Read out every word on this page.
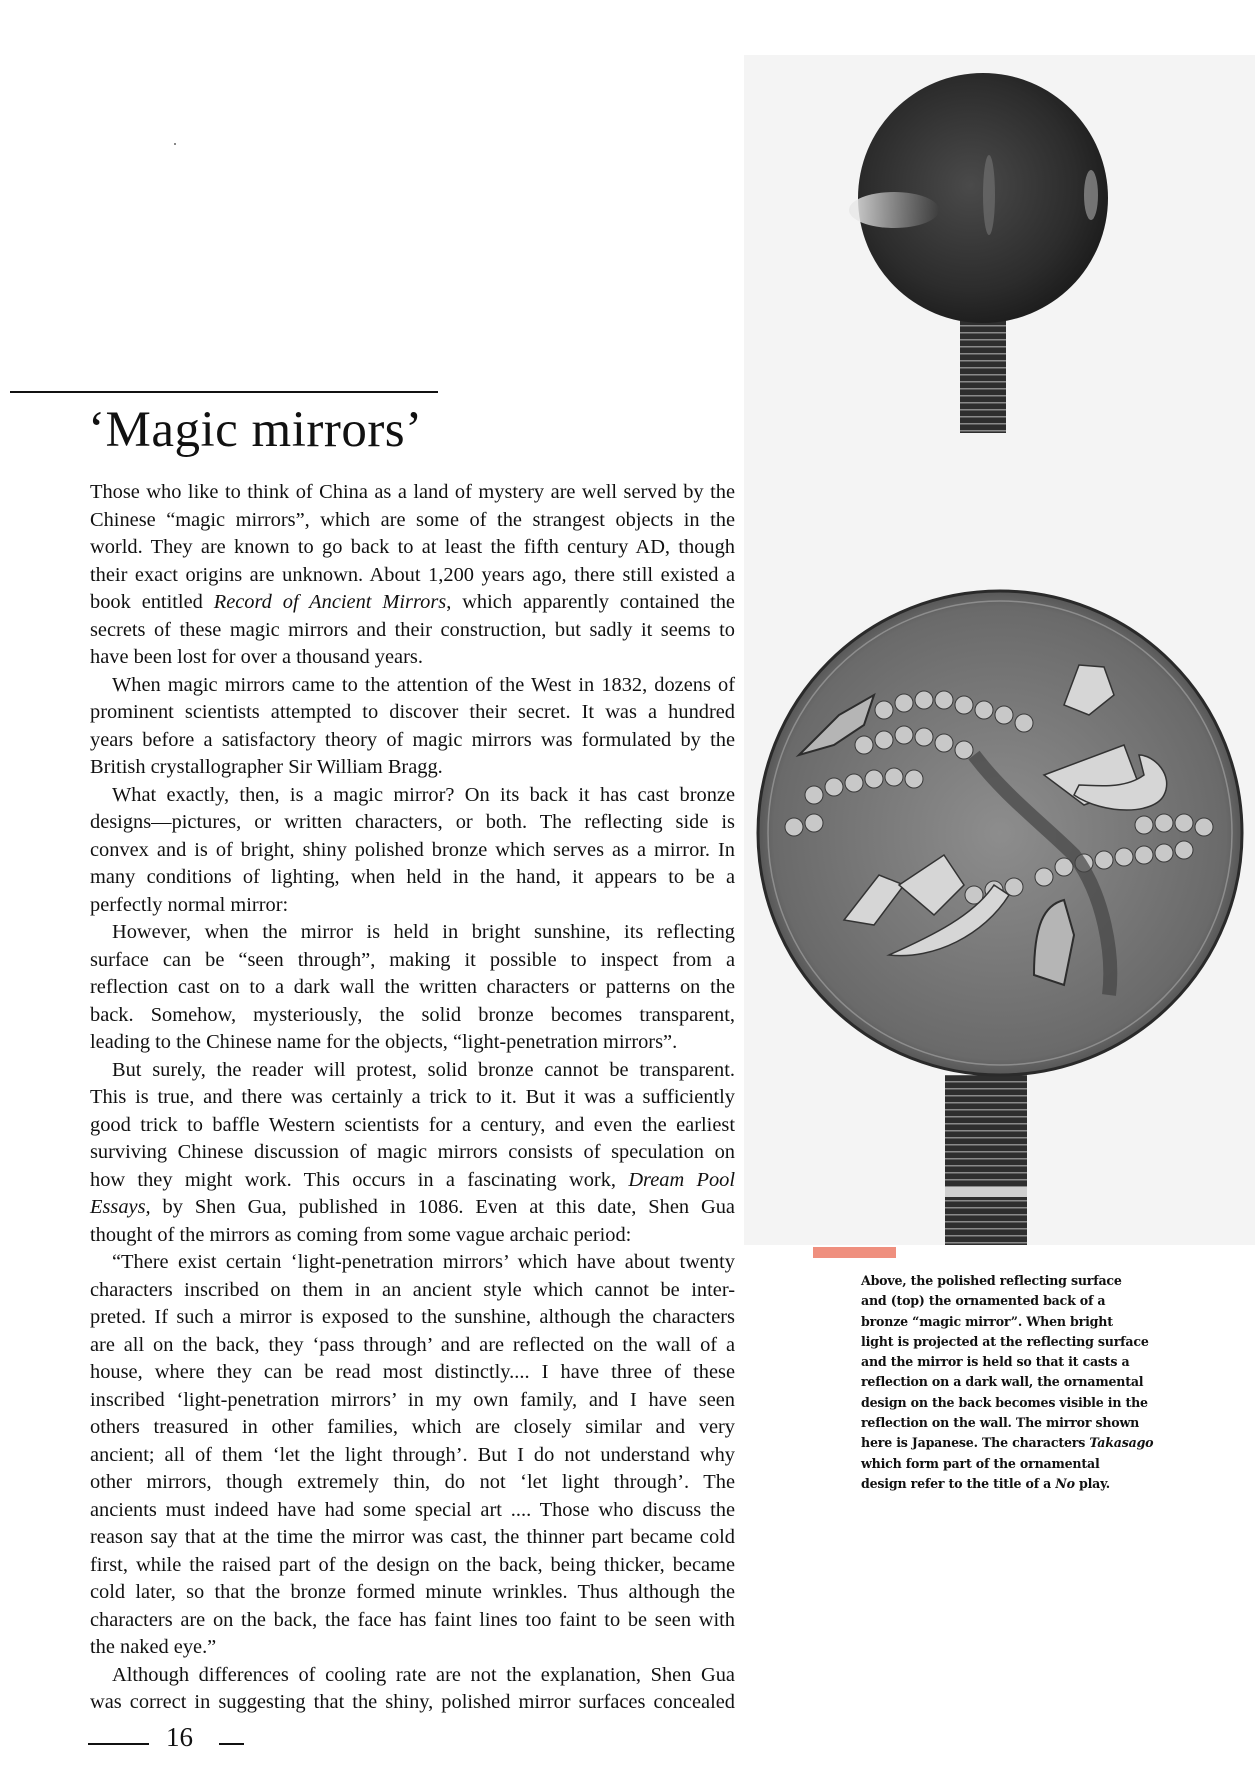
‘Magic mirrors’

Those who like to think of China as a land of mystery are well served by the
Chinese “magic mirrors”, which are some of the strangest objects in the
world. They are known to go back to at least the fifth century AD, though
their exact origins are unknown. About 1,200 years ago, there still existed a
book entitled Record of Ancient Mirrors, which apparently contained the
secrets of these magic mirrors and their construction, but sadly it seems to
have been lost for over a thousand years.

When magic mirrors came to the attention of the West in 1832, dozens of
prominent scientists attempted to discover their secret. It was a hundred
years before a satisfactory theory of magic mirrors was formulated by the
British crystallographer Sir William Bragg.

What exactly, then, is a magic mirror? On its back it has cast bronze
designs—pictures, or written characters, or both. The reflecting side is
convex and is of bright, shiny polished bronze which serves as a mirror. In
many conditions of lighting, when held in the hand, it appears to be a
perfectly normal mirror:

However, when the mirror is held in bright sunshine, its reflecting
surface can be “seen through”, making it possible to inspect from a
reflection cast on to a dark wall the written characters or patterns on the
back. Somehow, mysteriously, the solid bronze becomes transparent,
leading to the Chinese name for the objects, “light-penetration mirrors”.

But surely, the reader will protest, solid bronze cannot be transparent.
This is true, and there was certainly a trick to it. But it was a sufficiently
good trick to baffle Western scientists for a century, and even the earliest
surviving Chinese discussion of magic mirrors consists of speculation on
how they might work. This occurs in a fascinating work, Dream Pool
Essays, by Shen Gua, published in 1086. Even at this date, Shen Gua
thought of the mirrors as coming from some vague archaic period:

“There exist certain ‘light-penetration mirrors’ which have about twenty
characters inscribed on them in an ancient style which cannot be inter-
preted. If such a mirror is exposed to the sunshine, although the characters
are all on the back, they ‘pass through’ and are reflected on the wall of a
house, where they can be read most distinctly.... I have three of these
inscribed ‘light-penetration mirrors’ in my own family, and I have seen
others treasured in other families, which are closely similar and very
ancient; all of them ‘let the light through’. But I do not understand why
other mirrors, though extremely thin, do not ‘let light through’. The
ancients must indeed have had some special art .... Those who discuss the
reason say that at the time the mirror was cast, the thinner part became cold
first, while the raised part of the design on the back, being thicker, became
cold later, so that the bronze formed minute wrinkles. Thus although the
characters are on the back, the face has faint lines too faint to be seen with
the naked eye.”

Although differences of cooling rate are not the explanation, Shen Gua
was correct in suggesting that the shiny, polished mirror surfaces concealed

Above, the polished reflecting surface
and (top) the ornamented back of a
bronze “magic mirror”. When bright
light is projected at the reflecting surface
and the mirror is held so that it casts a
reflection on a dark wall, the ornamental
design on the back becomes visible in the
reflection on the wall. The mirror shown
here is Japanese. The characters Takasago
which form part of the ornamental
design refer to the title of a No play.
16
